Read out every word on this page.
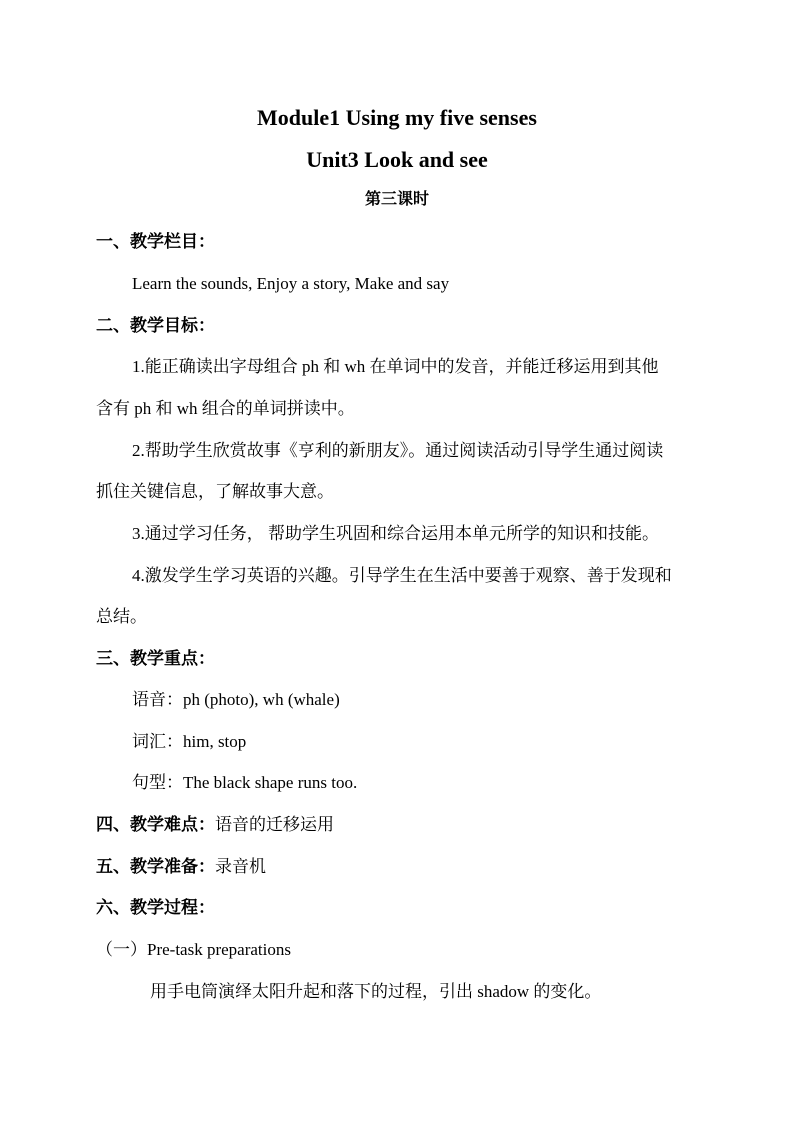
Module1 Using my five senses
Unit3 Look and see
第三课时
一、教学栏目：
Learn the sounds, Enjoy a story, Make and say
二、教学目标：
1.能正确读出字母组合 ph 和 wh 在单词中的发音，并能迁移运用到其他
含有 ph 和 wh 组合的单词拼读中。
2.帮助学生欣赏故事《亨利的新朋友》。通过阅读活动引导学生通过阅读
抓住关键信息，了解故事大意。
3.通过学习任务， 帮助学生巩固和综合运用本单元所学的知识和技能。
4.激发学生学习英语的兴趣。引导学生在生活中要善于观察、善于发现和
总结。
三、教学重点：
语音：ph (photo), wh (whale)
词汇：him, stop
句型：The black shape runs too.
四、教学难点：语音的迁移运用
五、教学准备：录音机
六、教学过程：
（一）Pre-task preparations
用手电筒演绎太阳升起和落下的过程，引出 shadow 的变化。
